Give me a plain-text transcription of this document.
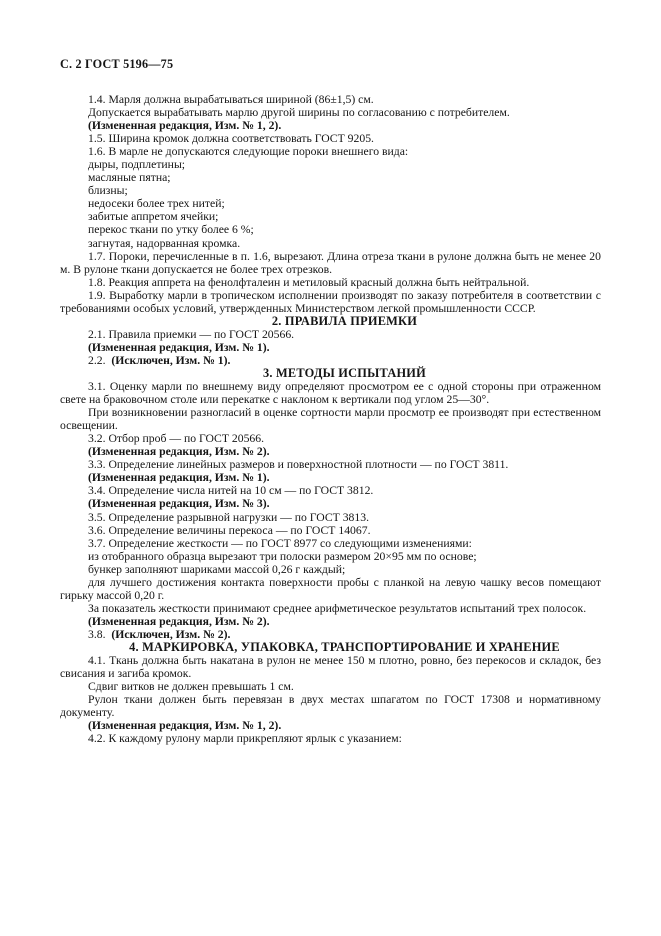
С. 2 ГОСТ 5196—75

1.4. Марля должна вырабатываться шириной (86±1,5) см.

Допускается вырабатывать марлю другой ширины по согласованию с потребителем.

(Измененная редакция, Изм. № 1, 2).

1.5. Ширина кромок должна соответствовать ГОСТ 9205.

1.6. В марле не допускаются следующие пороки внешнего вида:

дыры, подплетины;

масляные пятна;

близны;

недосеки более трех нитей;

забитые аппретом ячейки;

перекос ткани по утку более 6 %;

загнутая, надорванная кромка.

1.7. Пороки, перечисленные в п. 1.6, вырезают. Длина отреза ткани в рулоне должна быть не менее 20 м. В рулоне ткани допускается не более трех отрезков.

1.8. Реакция аппрета на фенолфталеин и метиловый красный должна быть нейтральной.

1.9. Выработку марли в тропическом исполнении производят по заказу потребителя в соответствии с требованиями особых условий, утвержденных Министерством легкой промышленности СССР.

2. ПРАВИЛА ПРИЕМКИ

2.1. Правила приемки — по ГОСТ 20566.

(Измененная редакция, Изм. № 1).

2.2. (Исключен, Изм. № 1).

3. МЕТОДЫ ИСПЫТАНИЙ

3.1. Оценку марли по внешнему виду определяют просмотром ее с одной стороны при отраженном свете на браковочном столе или перекатке с наклоном к вертикали под углом 25—30°.

При возникновении разногласий в оценке сортности марли просмотр ее производят при естественном освещении.

3.2. Отбор проб — по ГОСТ 20566.

(Измененная редакция, Изм. № 2).

3.3. Определение линейных размеров и поверхностной плотности — по ГОСТ 3811.

(Измененная редакция, Изм. № 1).

3.4. Определение числа нитей на 10 см — по ГОСТ 3812.

(Измененная редакция, Изм. № 3).

3.5. Определение разрывной нагрузки — по ГОСТ 3813.

3.6. Определение величины перекоса — по ГОСТ 14067.

3.7. Определение жесткости — по ГОСТ 8977 со следующими изменениями:

из отобранного образца вырезают три полоски размером 20×95 мм по основе;

бункер заполняют шариками массой 0,26 г каждый;

для лучшего достижения контакта поверхности пробы с планкой на левую чашку весов помещают гирьку массой 0,20 г.

За показатель жесткости принимают среднее арифметическое результатов испытаний трех полосок.

(Измененная редакция, Изм. № 2).

3.8. (Исключен, Изм. № 2).

4. МАРКИРОВКА, УПАКОВКА, ТРАНСПОРТИРОВАНИЕ И ХРАНЕНИЕ

4.1. Ткань должна быть накатана в рулон не менее 150 м плотно, ровно, без перекосов и складок, без свисания и загиба кромок.

Сдвиг витков не должен превышать 1 см.

Рулон ткани должен быть перевязан в двух местах шпагатом по ГОСТ 17308 и нормативному документу.

(Измененная редакция, Изм. № 1, 2).

4.2. К каждому рулону марли прикрепляют ярлык с указанием:
